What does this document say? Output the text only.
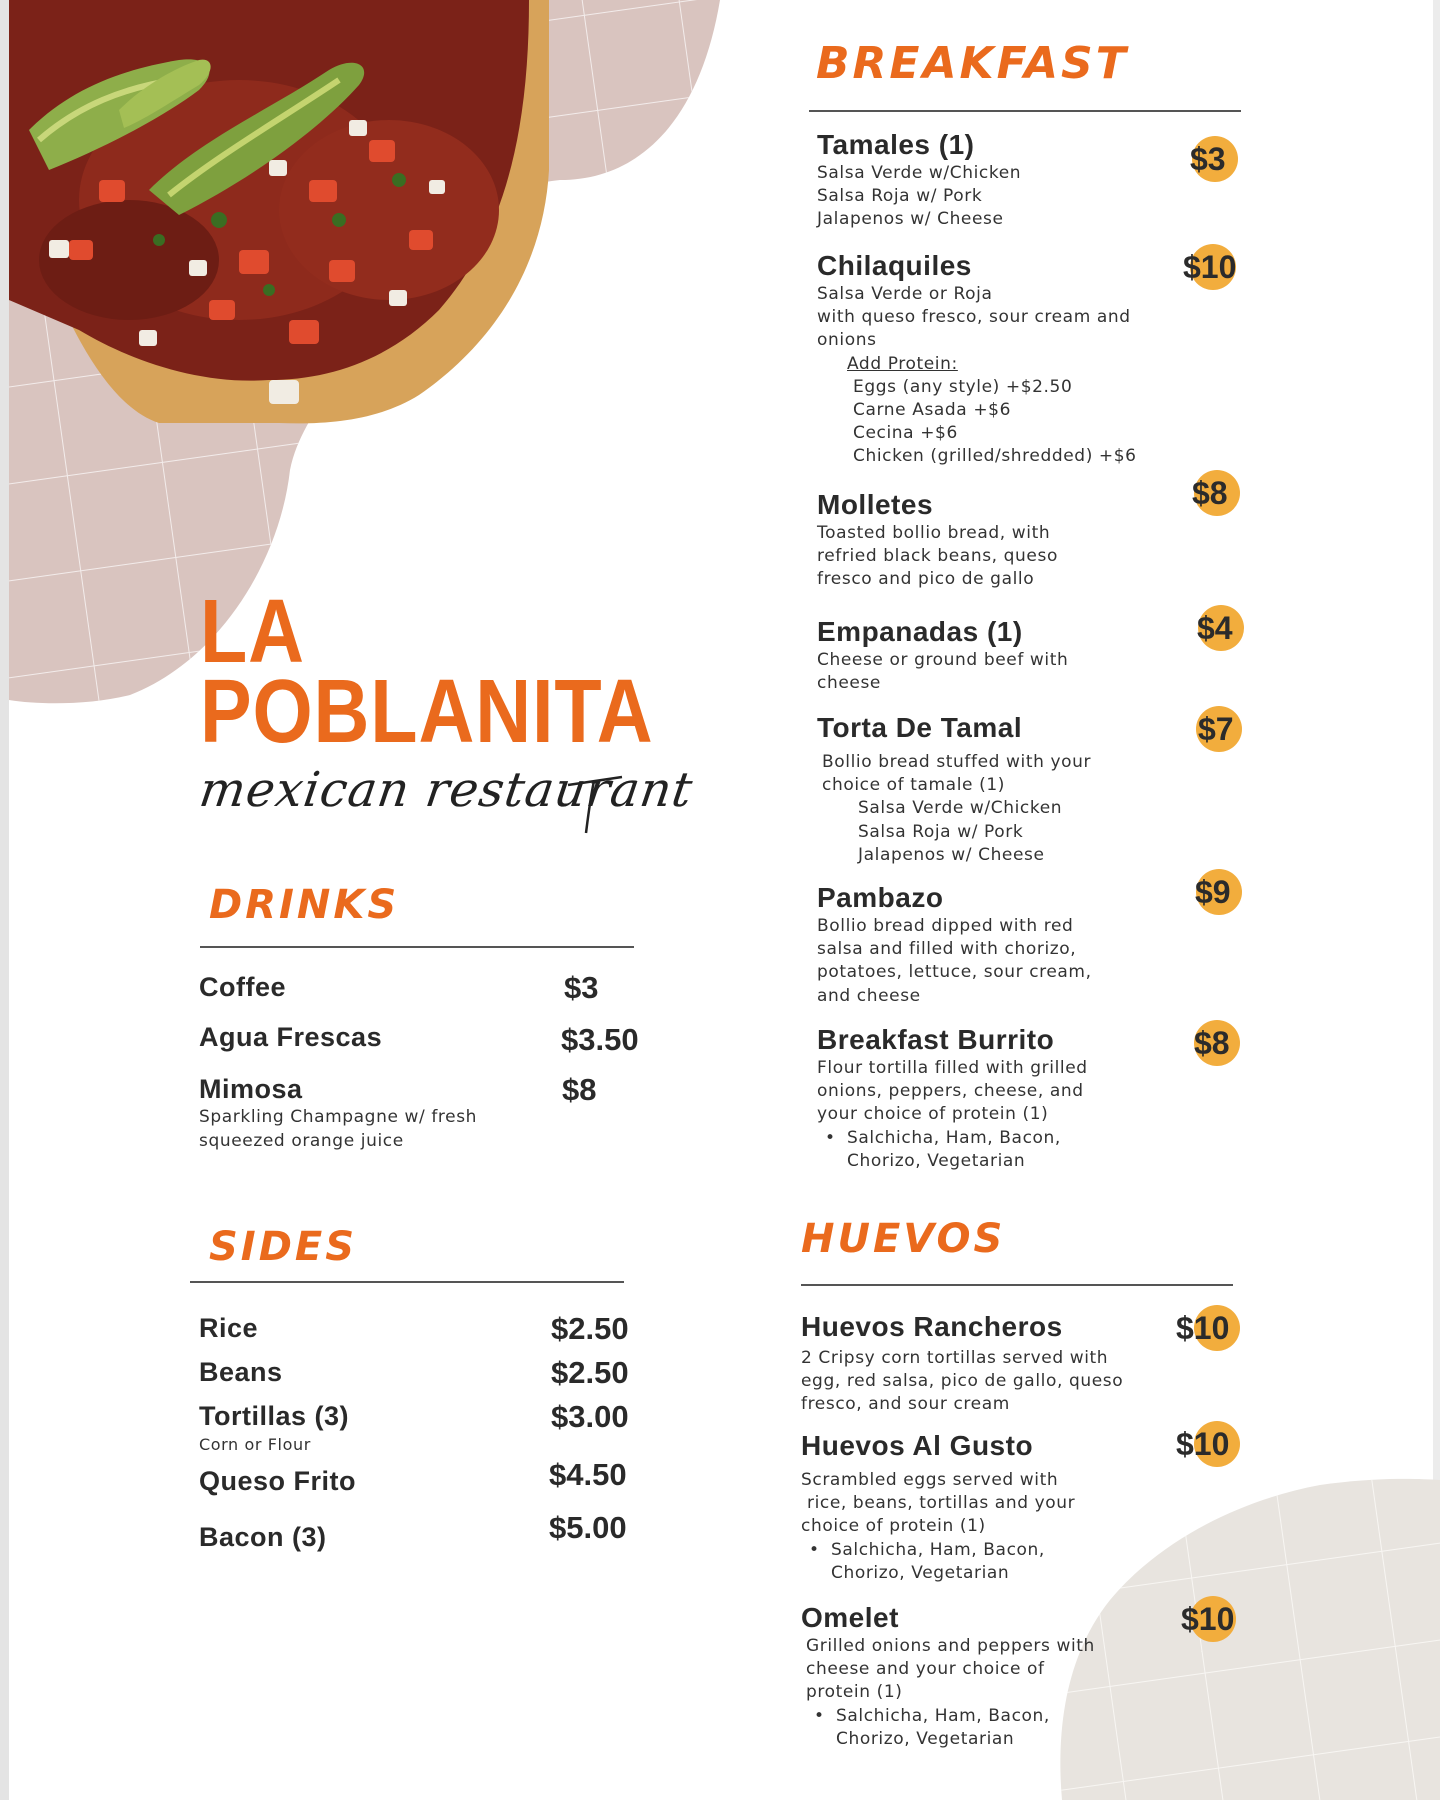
LA
POBLANITA
mexican restaurant
DRINKS
Coffee	$3
Agua Frescas	$3.50
Mimosa	$8
Sparkling Champagne w/ fresh
squeezed orange juice
SIDES
Rice	$2.50
Beans	$2.50
Tortillas (3)	$3.00
Corn or Flour
Queso Frito	$4.50
Bacon (3)	$5.00
BREAKFAST
Tamales (1)
Salsa Verde w/Chicken
Salsa Roja w/ Pork
Jalapenos w/ Cheese
$3
Chilaquiles
Salsa Verde or Roja
with queso fresco, sour cream and
onions
Add Protein:
Eggs (any style) +$2.50
Carne Asada +$6
Cecina +$6
Chicken (grilled/shredded) +$6
$10
Molletes
Toasted bollio bread, with
refried black beans, queso
fresco and pico de gallo
$8
Empanadas (1)
Cheese or ground beef with
cheese
$4
Torta De Tamal
Bollio bread stuffed with your
choice of tamale (1)
Salsa Verde w/Chicken
Salsa Roja w/ Pork
Jalapenos w/ Cheese
$7
Pambazo
Bollio bread dipped with red
salsa and filled with chorizo,
potatoes, lettuce, sour cream,
and cheese
$9
Breakfast Burrito
Flour tortilla filled with grilled
onions, peppers, cheese, and
your choice of protein (1)
• Salchicha, Ham, Bacon,
Chorizo, Vegetarian
$8
HUEVOS
Huevos Rancheros
2 Cripsy corn tortillas served with
egg, red salsa, pico de gallo, queso
fresco, and sour cream
$10
Huevos Al Gusto
Scrambled eggs served with
rice, beans, tortillas and your
choice of protein (1)
• Salchicha, Ham, Bacon,
Chorizo, Vegetarian
$10
Omelet
Grilled onions and peppers with
cheese and your choice of
protein (1)
• Salchicha, Ham, Bacon,
Chorizo, Vegetarian
$10
